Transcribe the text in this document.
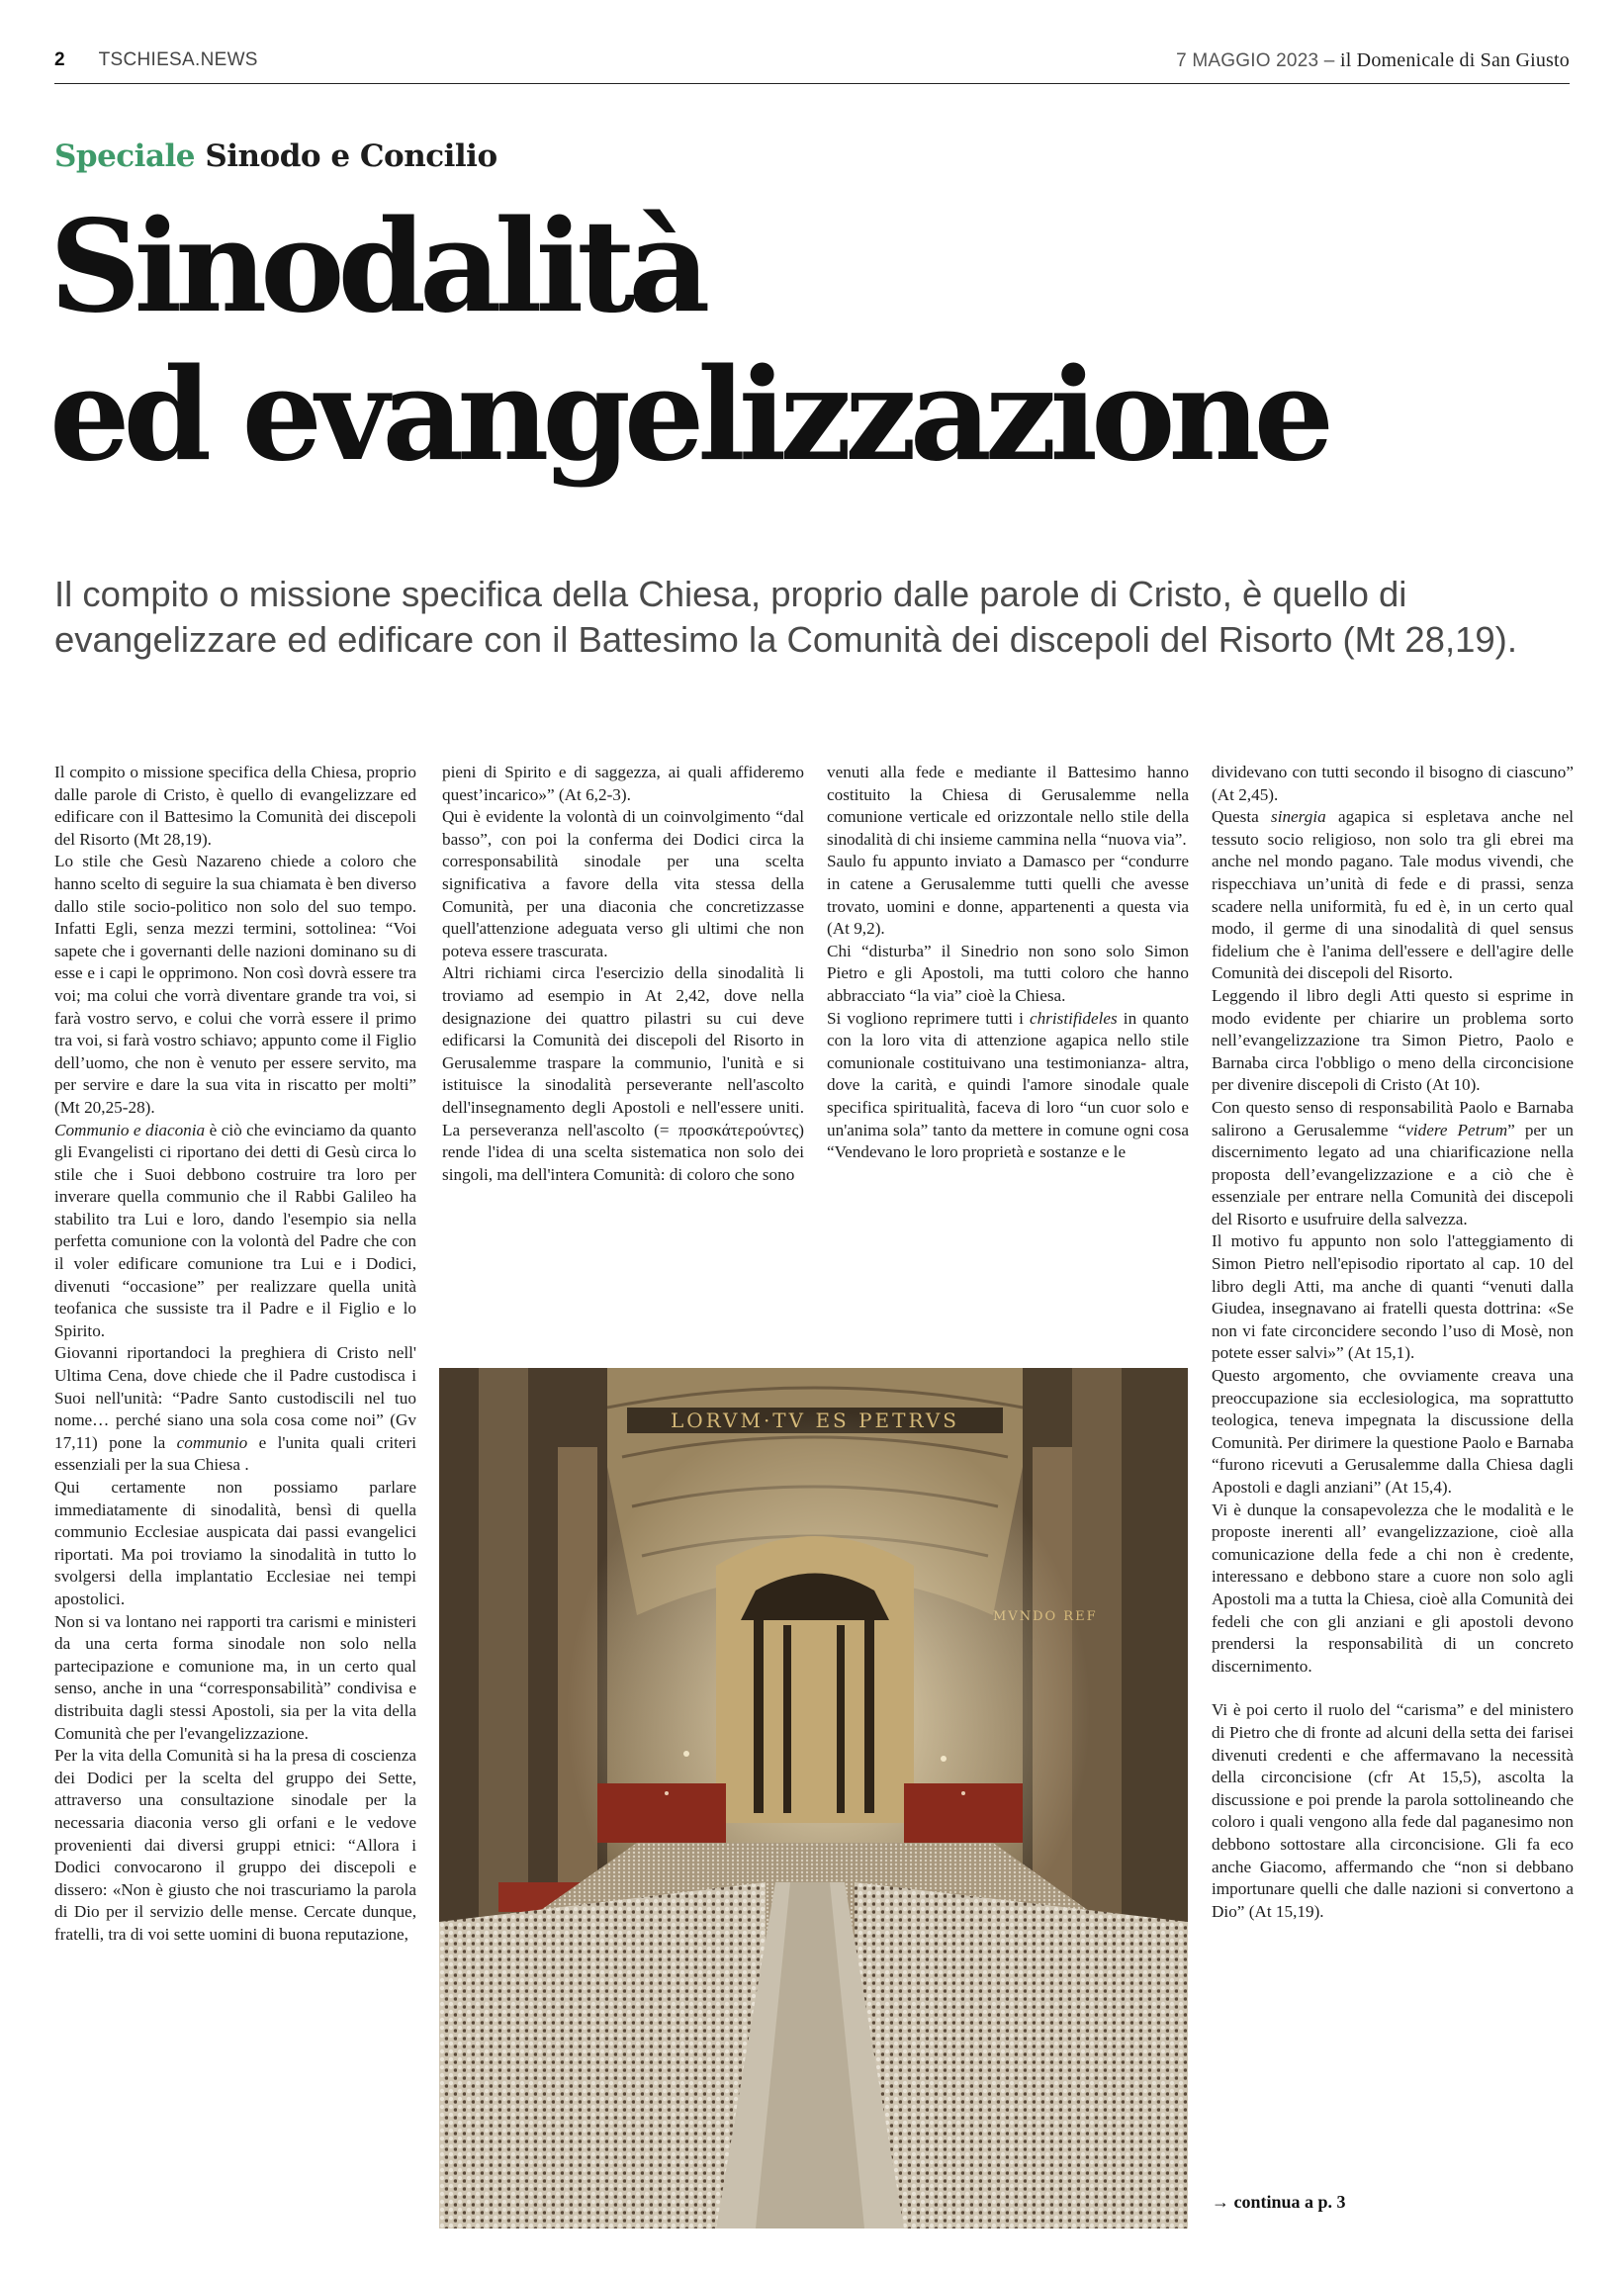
2 TSCHIESA.NEWS	7 MAGGIO 2023 – il Domenicale di San Giusto
Speciale Sinodo e Concilio
Sinodalità
ed evangelizzazione

Il compito o missione specifica della Chiesa, proprio dalle parole di Cristo, è quello di evangelizzare ed edificare con il Battesimo la Comunità dei discepoli del Risorto (Mt 28,19).

Il compito o missione specifica della Chiesa, proprio dalle parole di Cristo, è quello di evangelizzare ed edificare con il Battesimo la Comunità dei discepoli del Risorto (Mt 28,19).

Lo stile che Gesù Nazareno chiede a coloro che hanno scelto di seguire la sua chiamata è ben diverso dallo stile socio-politico non solo del suo tempo. Infatti Egli, senza mezzi termini, sottolinea: “Voi sapete che i governanti delle nazioni dominano su di esse e i capi le opprimono. Non così dovrà essere tra voi; ma colui che vorrà diventare grande tra voi, si farà vostro servo, e colui che vorrà essere il primo tra voi, si farà vostro schiavo; appunto come il Figlio dell’uomo, che non è venuto per essere servito, ma per servire e dare la sua vita in riscatto per molti” (Mt 20,25-28).

Communio e diaconia è ciò che evinciamo da quanto gli Evangelisti ci riportano dei detti di Gesù circa lo stile che i Suoi debbono costruire tra loro per inverare quella communio che il Rabbi Galileo ha stabilito tra Lui e loro, dando l'esempio sia nella perfetta comunione con la volontà del Padre che con il voler edificare comunione tra Lui e i Dodici, divenuti “occasione” per realizzare quella unità teofanica che sussiste tra il Padre e il Figlio e lo Spirito.

Giovanni riportandoci la preghiera di Cristo nell' Ultima Cena, dove chiede che il Padre custodisca i Suoi nell'unità: “Padre Santo custodiscili nel tuo nome… perché siano una sola cosa come noi” (Gv 17,11) pone la communio e l'unita quali criteri essenziali per la sua Chiesa .

Qui certamente non possiamo parlare immediatamente di sinodalità, bensì di quella communio Ecclesiae auspicata dai passi evangelici riportati. Ma poi troviamo la sinodalità in tutto lo svolgersi della implantatio Ecclesiae nei tempi apostolici.

Non si va lontano nei rapporti tra carismi e ministeri da una certa forma sinodale non solo nella partecipazione e comunione ma, in un certo qual senso, anche in una “corresponsabilità” condivisa e distribuita dagli stessi Apostoli, sia per la vita della Comunità che per l'evangelizzazione.

Per la vita della Comunità si ha la presa di coscienza dei Dodici per la scelta del gruppo dei Sette, attraverso una consultazione sinodale per la necessaria diaconia verso gli orfani e le vedove provenienti dai diversi gruppi etnici: “Allora i Dodici convocarono il gruppo dei discepoli e dissero: «Non è giusto che noi trascuriamo la parola di Dio per il servizio delle mense. Cercate dunque, fratelli, tra di voi sette uomini di buona reputazione,

pieni di Spirito e di saggezza, ai quali affideremo quest’incarico»” (At 6,2-3).

Qui è evidente la volontà di un coinvolgimento “dal basso”, con poi la conferma dei Dodici circa la corresponsabilità sinodale per una scelta significativa a favore della vita stessa della Comunità, per una diaconia che concretizzasse quell'attenzione adeguata verso gli ultimi che non poteva essere trascurata.

Altri richiami circa l'esercizio della sinodalità li troviamo ad esempio in At 2,42, dove nella designazione dei quattro pilastri su cui deve edificarsi la Comunità dei discepoli del Risorto in Gerusalemme traspare la communio, l'unità e si istituisce la sinodalità perseverante nell'ascolto dell'insegnamento degli Apostoli e nell'essere uniti. La perseveranza nell'ascolto (= προσκάτερούντες) rende l'idea di una scelta sistematica non solo dei singoli, ma dell'intera Comunità: di coloro che sono

venuti alla fede e mediante il Battesimo hanno costituito la Chiesa di Gerusalemme nella comunione verticale ed orizzontale nello stile della sinodalità di chi insieme cammina nella “nuova via”.

Saulo fu appunto inviato a Damasco per “condurre in catene a Gerusalemme tutti quelli che avesse trovato, uomini e donne, appartenenti a questa via (At 9,2).

Chi “disturba” il Sinedrio non sono solo Simon Pietro e gli Apostoli, ma tutti coloro che hanno abbracciato “la via” cioè la Chiesa.

Si vogliono reprimere tutti i christifideles in quanto con la loro vita di attenzione agapica nello stile comunionale costituivano una testimonianza- altra, dove la carità, e quindi l'amore sinodale quale specifica spiritualità, faceva di loro “un cuor solo e un'anima sola” tanto da mettere in comune ogni cosa “Vendevano le loro proprietà e sostanze e le

dividevano con tutti secondo il bisogno di ciascuno” (At 2,45).

Questa sinergia agapica si espletava anche nel tessuto socio religioso, non solo tra gli ebrei ma anche nel mondo pagano. Tale modus vivendi, che rispecchiava un’unità di fede e di prassi, senza scadere nella uniformità, fu ed è, in un certo qual modo, il germe di una sinodalità di quel sensus fidelium che è l'anima dell'essere e dell'agire delle Comunità dei discepoli del Risorto.

Leggendo il libro degli Atti questo si esprime in modo evidente per chiarire un problema sorto nell’evangelizzazione tra Simon Pietro, Paolo e Barnaba circa l'obbligo o meno della circoncisione per divenire discepoli di Cristo (At 10).

Con questo senso di responsabilità Paolo e Barnaba salirono a Gerusalemme “videre Petrum” per un discernimento legato ad una chiarificazione nella proposta dell’evangelizzazione e a ciò che è essenziale per entrare nella Comunità dei discepoli del Risorto e usufruire della salvezza.

Il motivo fu appunto non solo l'atteggiamento di Simon Pietro nell'episodio riportato al cap. 10 del libro degli Atti, ma anche di quanti “venuti dalla Giudea, insegnavano ai fratelli questa dottrina: «Se non vi fate circoncidere secondo l’uso di Mosè, non potete esser salvi»” (At 15,1).

Questo argomento, che ovviamente creava una preoccupazione sia ecclesiologica, ma soprattutto teologica, teneva impegnata la discussione della Comunità. Per dirimere la questione Paolo e Barnaba “furono ricevuti a Gerusalemme dalla Chiesa dagli Apostoli e dagli anziani” (At 15,4).

Vi è dunque la consapevolezza che le modalità e le proposte inerenti all’ evangelizzazione, cioè alla comunicazione della fede a chi non è credente, interessano e debbono stare a cuore non solo agli Apostoli ma a tutta la Chiesa, cioè alla Comunità dei fedeli che con gli anziani e gli apostoli devono prendersi la responsabilità di un concreto discernimento.

Vi è poi certo il ruolo del “carisma” e del ministero di Pietro che di fronte ad alcuni della setta dei farisei divenuti credenti e che affermavano la necessità della circoncisione (cfr At 15,5), ascolta la discussione e poi prende la parola sottolineando che coloro i quali vengono alla fede dal paganesimo non debbono sottostare alla circoncisione. Gli fa eco anche Giacomo, affermando che “non si debbano importunare quelli che dalle nazioni si convertono a Dio” (At 15,19).

→ continua a p. 3
